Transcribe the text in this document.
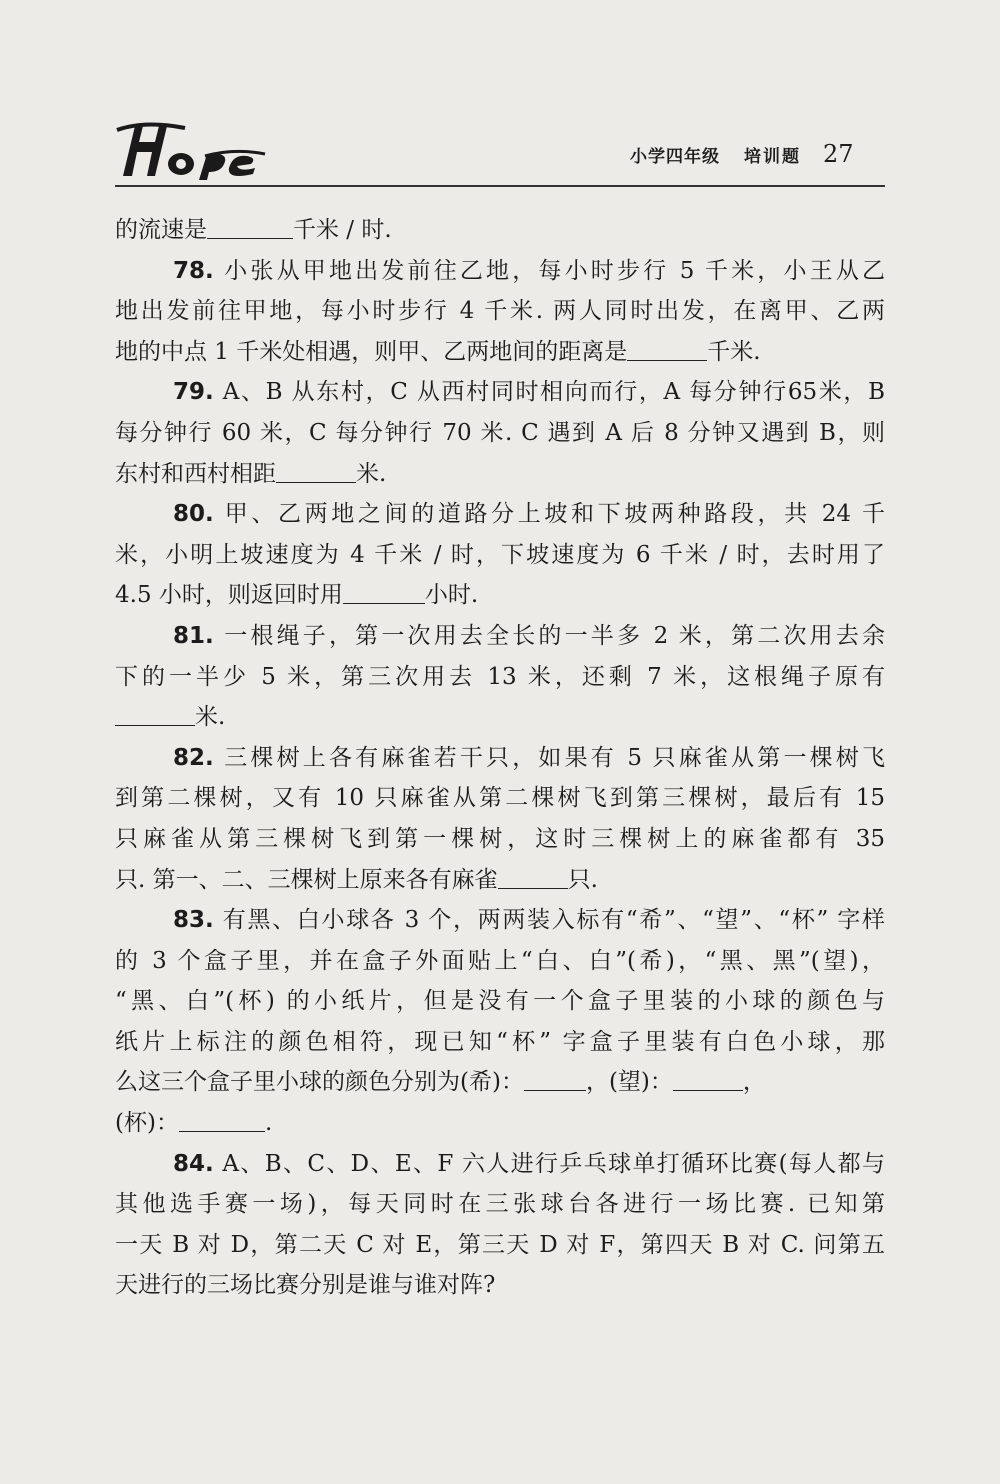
小学四年级 培训题 27
的流速是	千米 / 时.
78. 小张从甲地出发前往乙地，每小时步行 5 千米，小王从乙
地出发前往甲地，每小时步行 4 千米. 两人同时出发，在离甲、乙两
地的中点 1 千米处相遇，则甲、乙两地间的距离是	千米.
79. A、B 从东村，C 从西村同时相向而行，A 每分钟行65米，B
每分钟行 60 米，C 每分钟行 70 米. C 遇到 A 后 8 分钟又遇到 B，则
东村和西村相距	米.
80. 甲、乙两地之间的道路分上坡和下坡两种路段，共 24 千
米，小明上坡速度为 4 千米 / 时，下坡速度为 6 千米 / 时，去时用了
4.5 小时，则返回时用	小时.
81. 一根绳子，第一次用去全长的一半多 2 米，第二次用去余
下的一半少 5 米，第三次用去 13 米，还剩 7 米，这根绳子原有
米.
82. 三棵树上各有麻雀若干只，如果有 5 只麻雀从第一棵树飞
到第二棵树，又有 10 只麻雀从第二棵树飞到第三棵树，最后有 15
只麻雀从第三棵树飞到第一棵树，这时三棵树上的麻雀都有 35
只. 第一、二、三棵树上原来各有麻雀	只.
83. 有黑、白小球各 3 个，两两装入标有“希”、“望”、“杯” 字样
的 3 个盒子里，并在盒子外面贴上“白、白”(希)，“黑、黑”(望)，
“黑、白”(杯) 的小纸片，但是没有一个盒子里装的小球的颜色与
纸片上标注的颜色相符，现已知“杯” 字盒子里装有白色小球，那
么这三个盒子里小球的颜色分别为(希)：	，(望)：	，
(杯)：	.
84. A、B、C、D、E、F 六人进行乒乓球单打循环比赛(每人都与
其他选手赛一场)，每天同时在三张球台各进行一场比赛. 已知第
一天 B 对 D，第二天 C 对 E，第三天 D 对 F，第四天 B 对 C. 问第五
天进行的三场比赛分别是谁与谁对阵?
